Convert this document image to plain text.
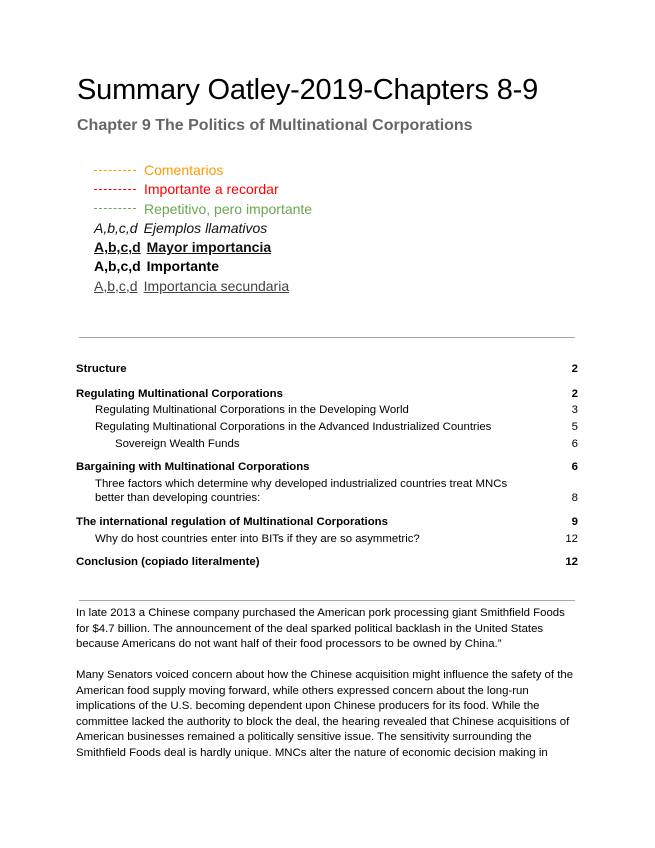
Summary Oatley-2019-Chapters 8-9
Chapter 9 The Politics of Multinational Corporations
Comentarios
Importante a recordar
Repetitivo, pero importante
A,b,c,d Ejemplos llamativos
A,b,c,d Mayor importancia
A,b,c,d Importante
A,b,c,d Importancia secundaria
Structure	2
Regulating Multinational Corporations	2
Regulating Multinational Corporations in the Developing World	3
Regulating Multinational Corporations in the Advanced Industrialized Countries	5
Sovereign Wealth Funds	6
Bargaining with Multinational Corporations	6
Three factors which determine why developed industrialized countries treat MNCs better than developing countries:	8
The international regulation of Multinational Corporations	9
Why do host countries enter into BITs if they are so asymmetric?	12
Conclusion (copiado literalmente)	12

In late 2013 a Chinese company purchased the American pork processing giant Smithfield Foods for $4.7 billion. The announcement of the deal sparked political backlash in the United States because Americans do not want half of their food processors to be owned by China.”

Many Senators voiced concern about how the Chinese acquisition might influence the safety of the American food supply moving forward, while others expressed concern about the long-run implications of the U.S. becoming dependent upon Chinese producers for its food. While the committee lacked the authority to block the deal, the hearing revealed that Chinese acquisitions of American businesses remained a politically sensitive issue. The sensitivity surrounding the Smithfield Foods deal is hardly unique. MNCs alter the nature of economic decision making in
